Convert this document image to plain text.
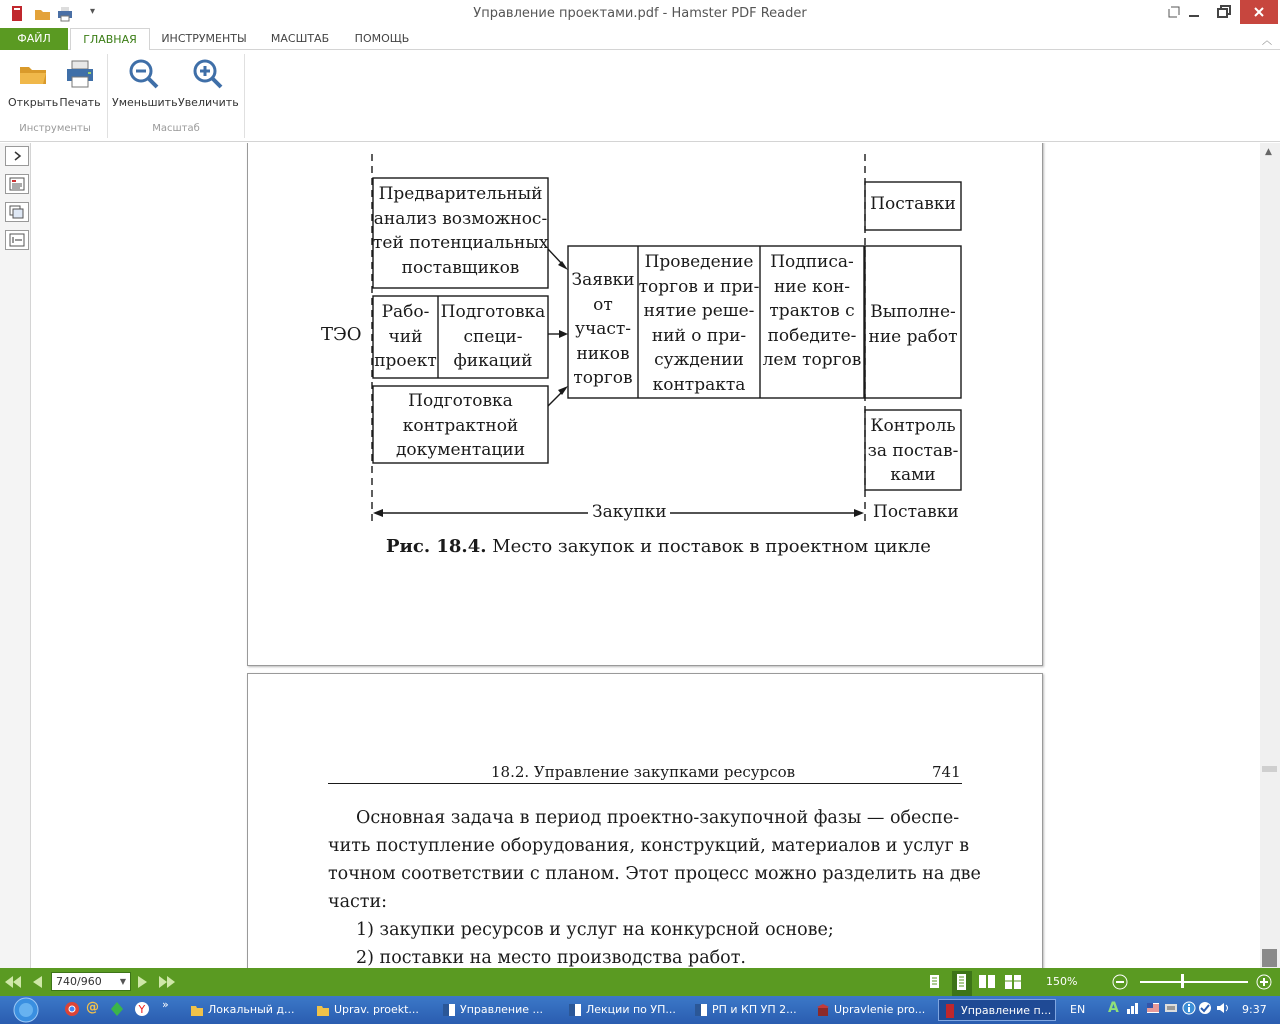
▾	Управление проектами.pdf - Hamster PDF Reader
ФАЙЛ	ГЛАВНАЯ	ИНСТРУМЕНТЫ	МАСШТАБ	ПОМОЩЬ	︿
Открыть Печать Уменьшить Увеличить
Инструменты	Масштаб
ТЭО
Предварительный
анализ возможнос-
тей потенциальных
поставщиков
Рабо-
чий
проект
Подготовка
специ-
фикаций
Подготовка
контрактной
документации
Заявки
от
участ-
ников
торгов
Проведение
торгов и при-
нятие реше-
ний о при-
суждении
контракта
Подписа-
ние кон-
трактов с
победите-
лем торгов
Поставки
Выполне-
ние работ
Контроль
за постав-
ками
Закупки	Поставки
Рис. 18.4. Место закупок и поставок в проектном цикле
18.2. Управление закупками ресурсов	741
Основная задача в период проектно-закупочной фазы — обеспе-
чить поступление оборудования, конструкций, материалов и услуг в
точном соответствии с планом. Этот процесс можно разделить на две
части:
1) закупки ресурсов и услуг на конкурсной основе;
2) поставки на место производства работ.
▲
740/960 ▼	150%
@	Y »	Локальный д...	Uprav. proekt...	Управление ...	Лекции по УП...	РП и КП УП 2...	Upravlenie pro...	Управление п...	EN A	9:37
